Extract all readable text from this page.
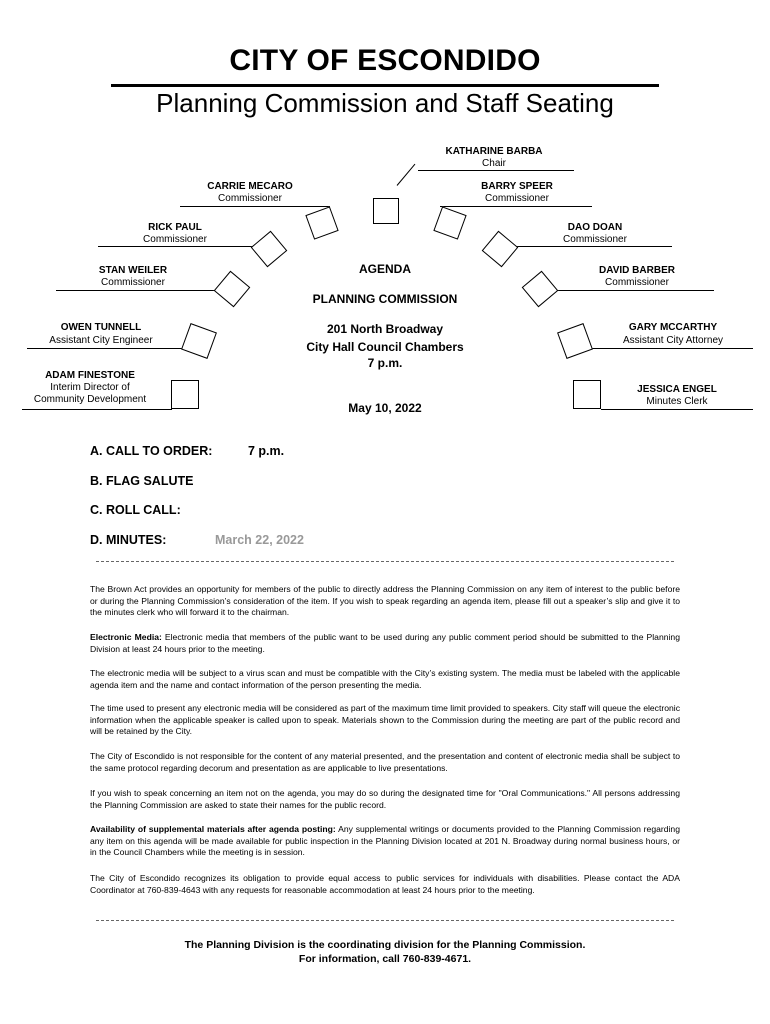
CITY OF ESCONDIDO
Planning Commission and Staff Seating
KATHARINE BARBA
Chair
CARRIE MECARO
Commissioner
BARRY SPEER
Commissioner
RICK PAUL
Commissioner
DAO DOAN
Commissioner
STAN WEILER
Commissioner
DAVID BARBER
Commissioner
OWEN TUNNELL
Assistant City Engineer
GARY MCCARTHY
Assistant City Attorney
ADAM FINESTONE
Interim Director of
Community Development
JESSICA ENGEL
Minutes Clerk
AGENDA
PLANNING COMMISSION
201 North Broadway
City Hall Council Chambers
7 p.m.
May 10, 2022
A. CALL TO ORDER:	7 p.m.
B. FLAG SALUTE
C. ROLL CALL:
D. MINUTES:	March 22, 2022
The Brown Act provides an opportunity for members of the public to directly address the Planning Commission on any item of interest to the public before or during the Planning Commission’s consideration of the item. If you wish to speak regarding an agenda item, please fill out a speaker’s slip and give it to the minutes clerk who will forward it to the chairman.
Electronic Media: Electronic media that members of the public want to be used during any public comment period should be submitted to the Planning Division at least 24 hours prior to the meeting.
The electronic media will be subject to a virus scan and must be compatible with the City’s existing system. The media must be labeled with the applicable agenda item and the name and contact information of the person presenting the media.
The time used to present any electronic media will be considered as part of the maximum time limit provided to speakers. City staff will queue the electronic information when the applicable speaker is called upon to speak. Materials shown to the Commission during the meeting are part of the public record and will be retained by the City.
The City of Escondido is not responsible for the content of any material presented, and the presentation and content of electronic media shall be subject to the same protocol regarding decorum and presentation as are applicable to live presentations.
If you wish to speak concerning an item not on the agenda, you may do so during the designated time for "Oral Communications." All persons addressing the Planning Commission are asked to state their names for the public record.
Availability of supplemental materials after agenda posting: Any supplemental writings or documents provided to the Planning Commission regarding any item on this agenda will be made available for public inspection in the Planning Division located at 201 N. Broadway during normal business hours, or in the Council Chambers while the meeting is in session.
The City of Escondido recognizes its obligation to provide equal access to public services for individuals with disabilities. Please contact the ADA Coordinator at 760-839-4643 with any requests for reasonable accommodation at least 24 hours prior to the meeting.
The Planning Division is the coordinating division for the Planning Commission.
For information, call 760-839-4671.
